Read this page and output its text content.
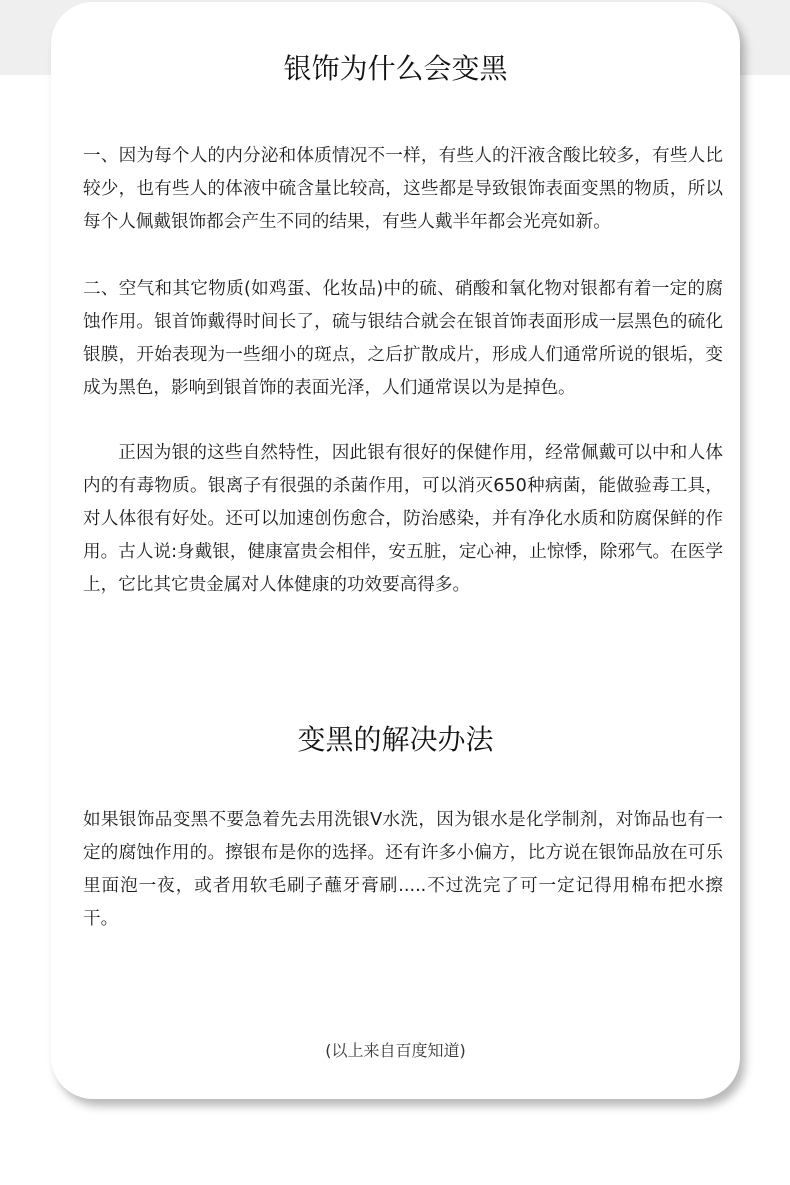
银饰为什么会变黑

一、因为每个人的内分泌和体质情况不一样，有些人的汗液含酸比较多，有些人比较少，也有些人的体液中硫含量比较高，这些都是导致银饰表面变黑的物质，所以每个人佩戴银饰都会产生不同的结果，有些人戴半年都会光亮如新。

二、空气和其它物质(如鸡蛋、化妆品)中的硫、硝酸和氧化物对银都有着一定的腐蚀作用。银首饰戴得时间长了，硫与银结合就会在银首饰表面形成一层黑色的硫化银膜，开始表现为一些细小的斑点，之后扩散成片，形成人们通常所说的银垢，变成为黑色，影响到银首饰的表面光泽，人们通常误以为是掉色。

正因为银的这些自然特性，因此银有很好的保健作用，经常佩戴可以中和人体内的有毒物质。银离子有很强的杀菌作用，可以消灭650种病菌，能做验毒工具，对人体很有好处。还可以加速创伤愈合，防治感染，并有净化水质和防腐保鲜的作用。古人说:身戴银，健康富贵会相伴，安五脏，定心神，止惊悸，除邪气。在医学上，它比其它贵金属对人体健康的功效要高得多。

变黑的解决办法

如果银饰品变黑不要急着先去用洗银V水洗，因为银水是化学制剂，对饰品也有一定的腐蚀作用的。擦银布是你的选择。还有许多小偏方，比方说在银饰品放在可乐里面泡一夜，或者用软毛刷子蘸牙膏刷.....不过洗完了可一定记得用棉布把水擦干。

(以上来自百度知道)
